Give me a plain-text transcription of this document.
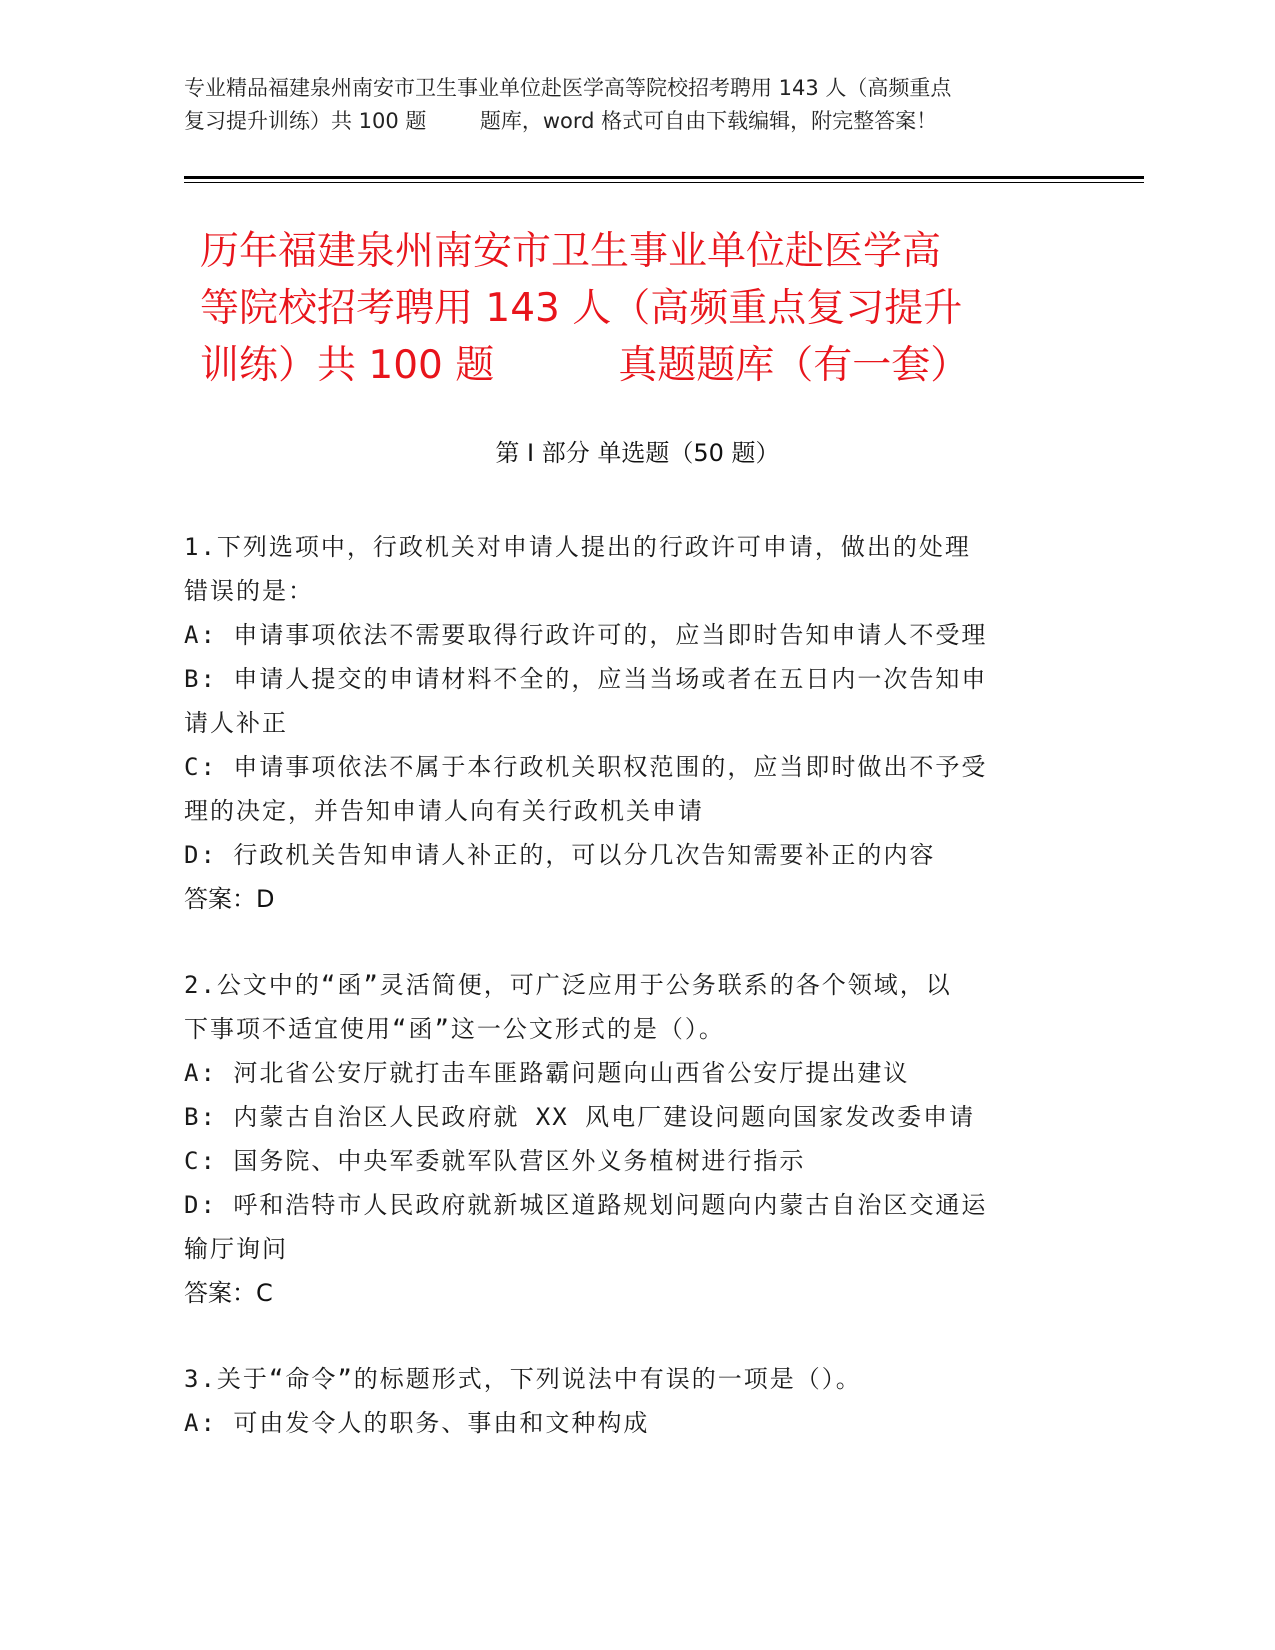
专业精品福建泉州南安市卫生事业单位赴医学高等院校招考聘用 143 人（高频重点
复习提升训练）共 100 题        题库，word 格式可自由下载编辑，附完整答案！
历年福建泉州南安市卫生事业单位赴医学高
等院校招考聘用 143 人（高频重点复习提升
训练）共 100 题          真题题库（有一套）
第 I 部分 单选题（50 题）
1.下列选项中，行政机关对申请人提出的行政许可申请，做出的处理
错误的是：
A: 申请事项依法不需要取得行政许可的，应当即时告知申请人不受理
B: 申请人提交的申请材料不全的，应当当场或者在五日内一次告知申
请人补正
C: 申请事项依法不属于本行政机关职权范围的，应当即时做出不予受
理的决定，并告知申请人向有关行政机关申请
D: 行政机关告知申请人补正的，可以分几次告知需要补正的内容
答案：D
2.公文中的“函”灵活简便，可广泛应用于公务联系的各个领域，以
下事项不适宜使用“函”这一公文形式的是（）。
A: 河北省公安厅就打击车匪路霸问题向山西省公安厅提出建议
B: 内蒙古自治区人民政府就 XX 风电厂建设问题向国家发改委申请
C: 国务院、中央军委就军队营区外义务植树进行指示
D: 呼和浩特市人民政府就新城区道路规划问题向内蒙古自治区交通运
输厅询问
答案：C
3.关于“命令”的标题形式，下列说法中有误的一项是（）。
A: 可由发令人的职务、事由和文种构成
